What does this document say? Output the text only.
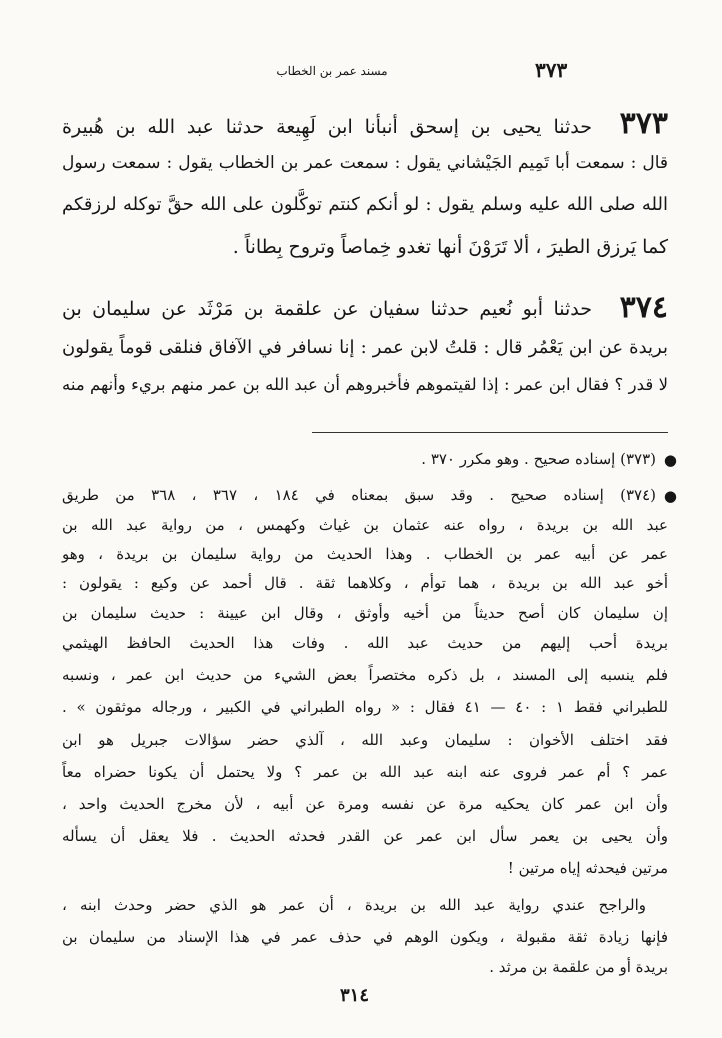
٣٧٣
مسند عمر بن الخطاب
٣٧٣
حدثنا يحيى بن إسحق أنبأنا ابن لَهِيعة حدثنا عبد الله بن هُبيرة
قال : سمعت أبا تَمِيم الجَيْشاني يقول : سمعت عمر بن الخطاب يقول : سمعت رسول
الله صلى الله عليه وسلم يقول : لو أنكم كنتم توكَّلون على الله حقَّ توكله لرزقكم
كما يَرزق الطيرَ ، ألا تَرَوْنَ أنها تغدو خِماصاً وتروح بِطاناً .
٣٧٤
حدثنا أبو نُعيم حدثنا سفيان عن علقمة بن مَرْثَد عن سليمان بن
بريدة عن ابن يَعْمُر قال : قلتُ لابن عمر : إنا نسافر في الآفاق فنلقى قوماً يقولون
لا قدر ؟ فقال ابن عمر : إذا لقيتموهم فأخبروهم أن عبد الله بن عمر منهم بريء وأنهم منه
(٣٧٣) إسناده صحيح . وهو مكرر ٣٧٠ . ●
(٣٧٤) إسناده صحيح . وقد سبق بمعناه في ١٨٤ ، ٣٦٧ ، ٣٦٨ من طريق ●
عبد الله بن بريدة ، رواه عنه عثمان بن غياث وكهمس ، من رواية عبد الله بن
عمر عن أبيه عمر بن الخطاب . وهذا الحديث من رواية سليمان بن بريدة ، وهو
أخو عبد الله بن بريدة ، هما توأم ، وكلاهما ثقة . قال أحمد عن وكيع : يقولون :
إن سليمان كان أصح حديثاً من أخيه وأوثق ، وقال ابن عيينة : حديث سليمان بن
بريدة أحب إليهم من حديث عبد الله . وفات هذا الحديث الحافظ الهيثمي
فلم ينسبه إلى المسند ، بل ذكره مختصراً بعض الشيء من حديث ابن عمر ، ونسبه
للطبراني فقط ١ : ٤٠ — ٤١ فقال : « رواه الطبراني في الكبير ، ورجاله موثقون » .
فقد اختلف الأخوان : سليمان وعبد الله ، آلذي حضر سؤالات جبريل هو ابن
عمر ؟ أم عمر فروى عنه ابنه عبد الله بن عمر ؟ ولا يحتمل أن يكونا حضراه معاً
وأن ابن عمر كان يحكيه مرة عن نفسه ومرة عن أبيه ، لأن مخرج الحديث واحد ،
وأن يحيى بن يعمر سأل ابن عمر عن القدر فحدثه الحديث . فلا يعقل أن يسأله
مرتين فيحدثه إياه مرتين !
والراجح عندي رواية عبد الله بن بريدة ، أن عمر هو الذي حضر وحدث ابنه ،
فإنها زيادة ثقة مقبولة ، ويكون الوهم في حذف عمر في هذا الإسناد من سليمان بن
بريدة أو من علقمة بن مرثد .
٣١٤
